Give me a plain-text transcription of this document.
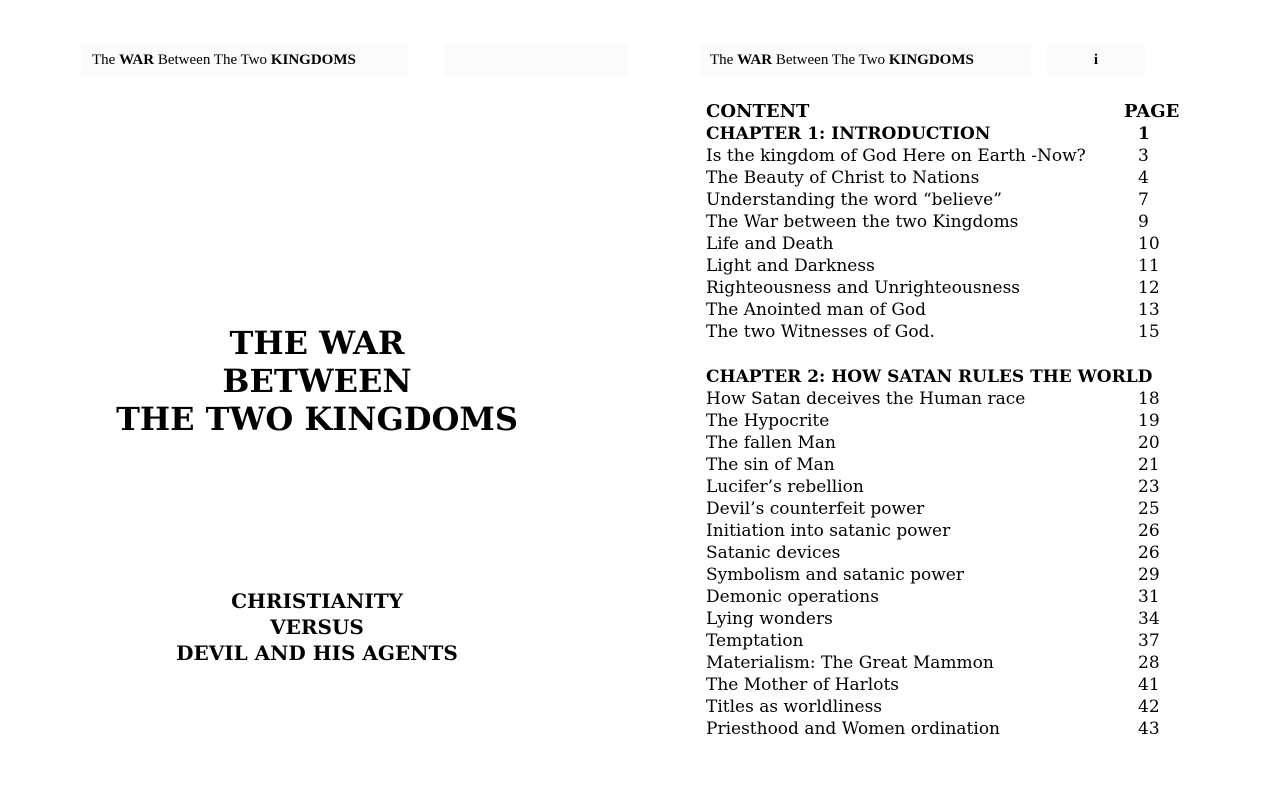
The WAR Between The Two KINGDOMS
THE WAR
BETWEEN
THE TWO KINGDOMS
CHRISTIANITY
VERSUS
DEVIL AND HIS AGENTS
The WAR Between The Two KINGDOMS	i
CONTENT	PAGE
CHAPTER 1: INTRODUCTION	1
Is the kingdom of God Here on Earth -Now?	3
The Beauty of Christ to Nations	4
Understanding the word “believe”	7
The War between the two Kingdoms	9
Life and Death	10
Light and Darkness	11
Righteousness and Unrighteousness	12
The Anointed man of God	13
The two Witnesses of God.	15
CHAPTER 2: HOW SATAN RULES THE WORLD
How Satan deceives the Human race	18
The Hypocrite	19
The fallen Man	20
The sin of Man	21
Lucifer’s rebellion	23
Devil’s counterfeit power	25
Initiation into satanic power	26
Satanic devices	26
Symbolism and satanic power	29
Demonic operations	31
Lying wonders	34
Temptation	37
Materialism: The Great Mammon	28
The Mother of Harlots	41
Titles as worldliness	42
Priesthood and Women ordination	43
